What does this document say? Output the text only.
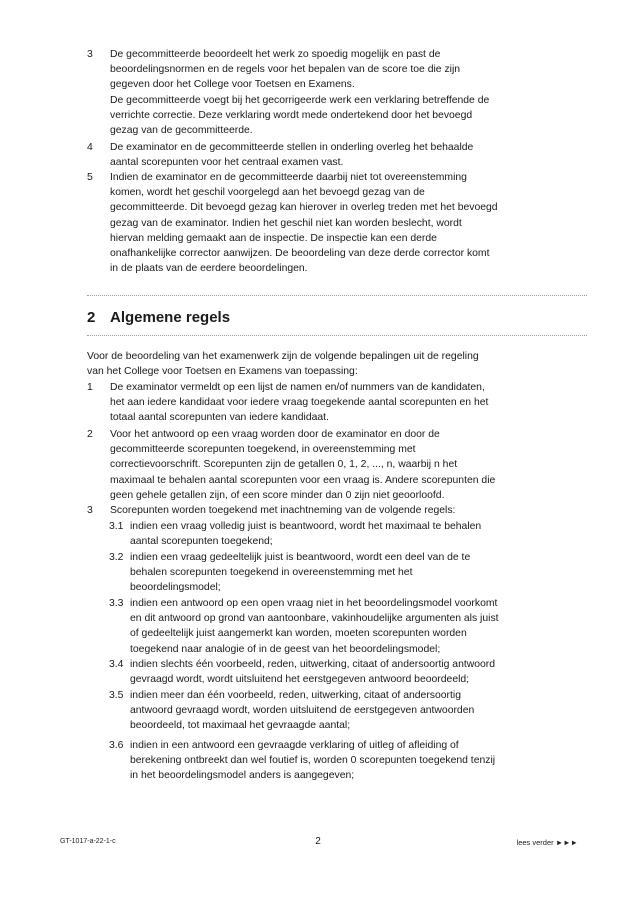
3 De gecommitteerde beoordeelt het werk zo spoedig mogelijk en past de
beoordelingsnormen en de regels voor het bepalen van de score toe die zijn
gegeven door het College voor Toetsen en Examens.
De gecommitteerde voegt bij het gecorrigeerde werk een verklaring betreffende de
verrichte correctie. Deze verklaring wordt mede ondertekend door het bevoegd
gezag van de gecommitteerde.
4 De examinator en de gecommitteerde stellen in onderling overleg het behaalde
aantal scorepunten voor het centraal examen vast.
5 Indien de examinator en de gecommitteerde daarbij niet tot overeenstemming
komen, wordt het geschil voorgelegd aan het bevoegd gezag van de
gecommitteerde. Dit bevoegd gezag kan hierover in overleg treden met het bevoegd
gezag van de examinator. Indien het geschil niet kan worden beslecht, wordt
hiervan melding gemaakt aan de inspectie. De inspectie kan een derde
onafhankelijke corrector aanwijzen. De beoordeling van deze derde corrector komt
in de plaats van de eerdere beoordelingen.
2 Algemene regels
Voor de beoordeling van het examenwerk zijn de volgende bepalingen uit de regeling
van het College voor Toetsen en Examens van toepassing:
1 De examinator vermeldt op een lijst de namen en/of nummers van de kandidaten,
het aan iedere kandidaat voor iedere vraag toegekende aantal scorepunten en het
totaal aantal scorepunten van iedere kandidaat.
2 Voor het antwoord op een vraag worden door de examinator en door de
gecommitteerde scorepunten toegekend, in overeenstemming met
correctievoorschrift. Scorepunten zijn de getallen 0, 1, 2, ..., n, waarbij n het
maximaal te behalen aantal scorepunten voor een vraag is. Andere scorepunten die
geen gehele getallen zijn, of een score minder dan 0 zijn niet geoorloofd.
3 Scorepunten worden toegekend met inachtneming van de volgende regels:
3.1 indien een vraag volledig juist is beantwoord, wordt het maximaal te behalen
aantal scorepunten toegekend;
3.2 indien een vraag gedeeltelijk juist is beantwoord, wordt een deel van de te
behalen scorepunten toegekend in overeenstemming met het
beoordelingsmodel;
3.3 indien een antwoord op een open vraag niet in het beoordelingsmodel voorkomt
en dit antwoord op grond van aantoonbare, vakinhoudelijke argumenten als juist
of gedeeltelijk juist aangemerkt kan worden, moeten scorepunten worden
toegekend naar analogie of in de geest van het beoordelingsmodel;
3.4 indien slechts één voorbeeld, reden, uitwerking, citaat of andersoortig antwoord
gevraagd wordt, wordt uitsluitend het eerstgegeven antwoord beoordeeld;
3.5 indien meer dan één voorbeeld, reden, uitwerking, citaat of andersoortig
antwoord gevraagd wordt, worden uitsluitend de eerstgegeven antwoorden
beoordeeld, tot maximaal het gevraagde aantal;
3.6 indien in een antwoord een gevraagde verklaring of uitleg of afleiding of
berekening ontbreekt dan wel foutief is, worden 0 scorepunten toegekend tenzij
in het beoordelingsmodel anders is aangegeven;
GT-1017-a-22-1-c	2	lees verder ►►►
